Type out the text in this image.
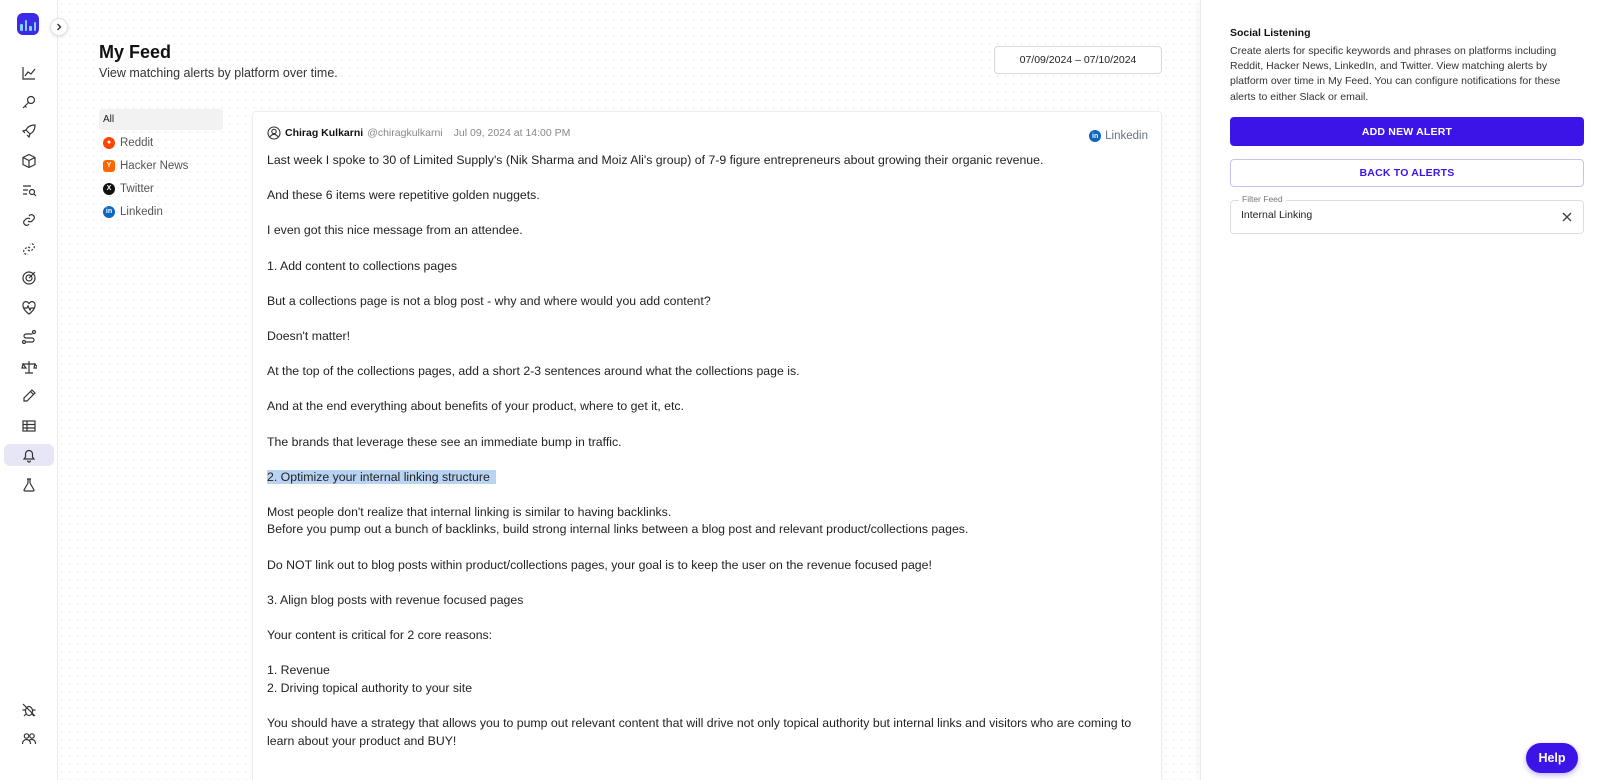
My Feed
View matching alerts by platform over time.
07/09/2024 – 07/10/2024
All
● Reddit
Y Hacker News
X Twitter
in Linkedin
Chirag Kulkarni @chiragkulkarni Jul 09, 2024 at 14:00 PM	in Linkedin

Last week I spoke to 30 of Limited Supply's (Nik Sharma and Moiz Ali's group) of 7-9 figure entrepreneurs about growing their organic revenue.

And these 6 items were repetitive golden nuggets.

I even got this nice message from an attendee.

1. Add content to collections pages

But a collections page is not a blog post - why and where would you add content?

Doesn't matter!

At the top of the collections pages, add a short 2-3 sentences around what the collections page is.

And at the end everything about benefits of your product, where to get it, etc.

The brands that leverage these see an immediate bump in traffic.

2. Optimize your internal linking structure

Most people don't realize that internal linking is similar to having backlinks.
Before you pump out a bunch of backlinks, build strong internal links between a blog post and relevant product/collections pages.

Do NOT link out to blog posts within product/collections pages, your goal is to keep the user on the revenue focused page!

3. Align blog posts with revenue focused pages

Your content is critical for 2 core reasons:

1. Revenue
2. Driving topical authority to your site

You should have a strategy that allows you to pump out relevant content that will drive not only topical authority but internal links and visitors who are coming to learn about your product and BUY!

Social Listening
Create alerts for specific keywords and phrases on platforms including Reddit, Hacker News, LinkedIn, and Twitter. View matching alerts by platform over time in My Feed. You can configure notifications for these alerts to either Slack or email.
ADD NEW ALERT
BACK TO ALERTS
Filter Feed
Internal Linking
Help
